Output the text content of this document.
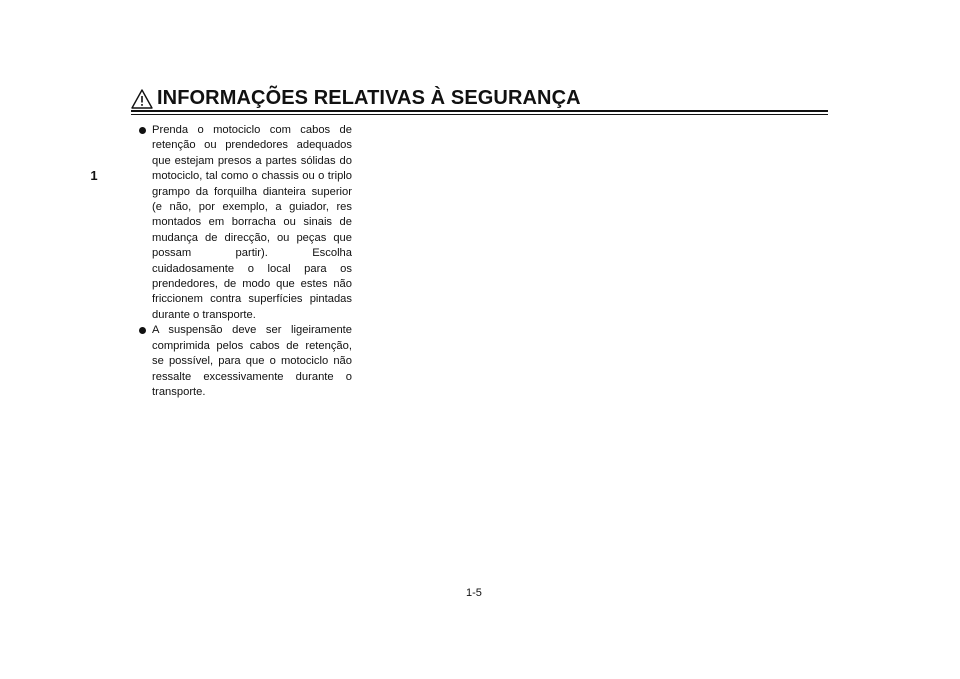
INFORMAÇÕES RELATIVAS À SEGURANÇA
1

Prenda o motociclo com cabos de retenção ou prendedores adequados que estejam presos a partes sólidas do motociclo, tal como o chassis ou o triplo grampo da forquilha dianteira superior (e não, por exemplo, a guiador, res montados em borracha ou sinais de mudança de direcção, ou peças que possam partir). Escolha cuidadosamente o local para os prendedores, de modo que estes não friccionem contra superfícies pintadas durante o transporte.

A suspensão deve ser ligeiramente comprimida pelos cabos de retenção, se possível, para que o motociclo não ressalte excessivamente durante o transporte.

1-5
